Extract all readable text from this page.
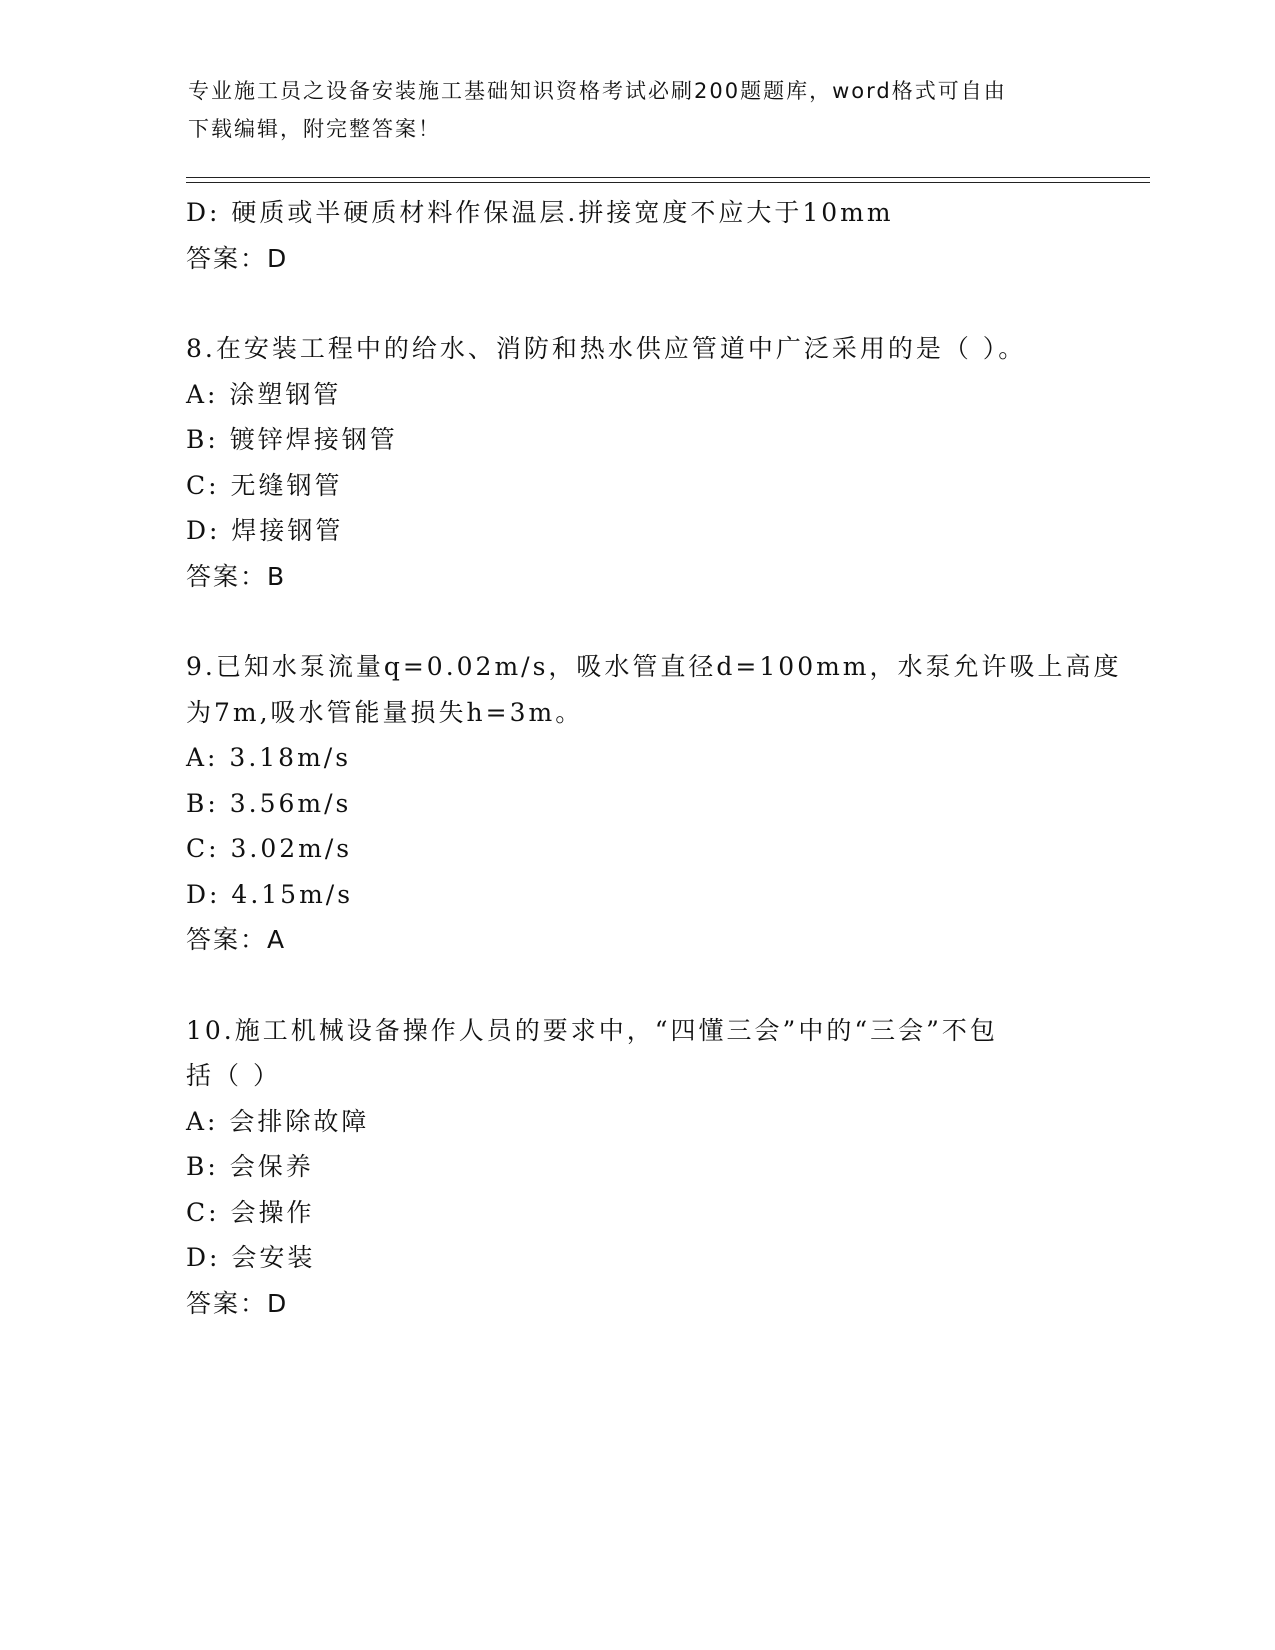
专业施工员之设备安装施工基础知识资格考试必刷200题题库，word格式可自由
下载编辑，附完整答案！
D: 硬质或半硬质材料作保温层.拼接宽度不应大于10mm
答案：D
8.在安装工程中的给水、消防和热水供应管道中广泛采用的是（ ）。
A: 涂塑钢管
B: 镀锌焊接钢管
C: 无缝钢管
D: 焊接钢管
答案：B
9.已知水泵流量q=0.02m/s，吸水管直径d=100mm，水泵允许吸上高度
为7m,吸水管能量损失h=3m。
A: 3.18m/s
B: 3.56m/s
C: 3.02m/s
D: 4.15m/s
答案：A
10.施工机械设备操作人员的要求中，“四懂三会”中的“三会”不包
括（ ）
A: 会排除故障
B: 会保养
C: 会操作
D: 会安装
答案：D
